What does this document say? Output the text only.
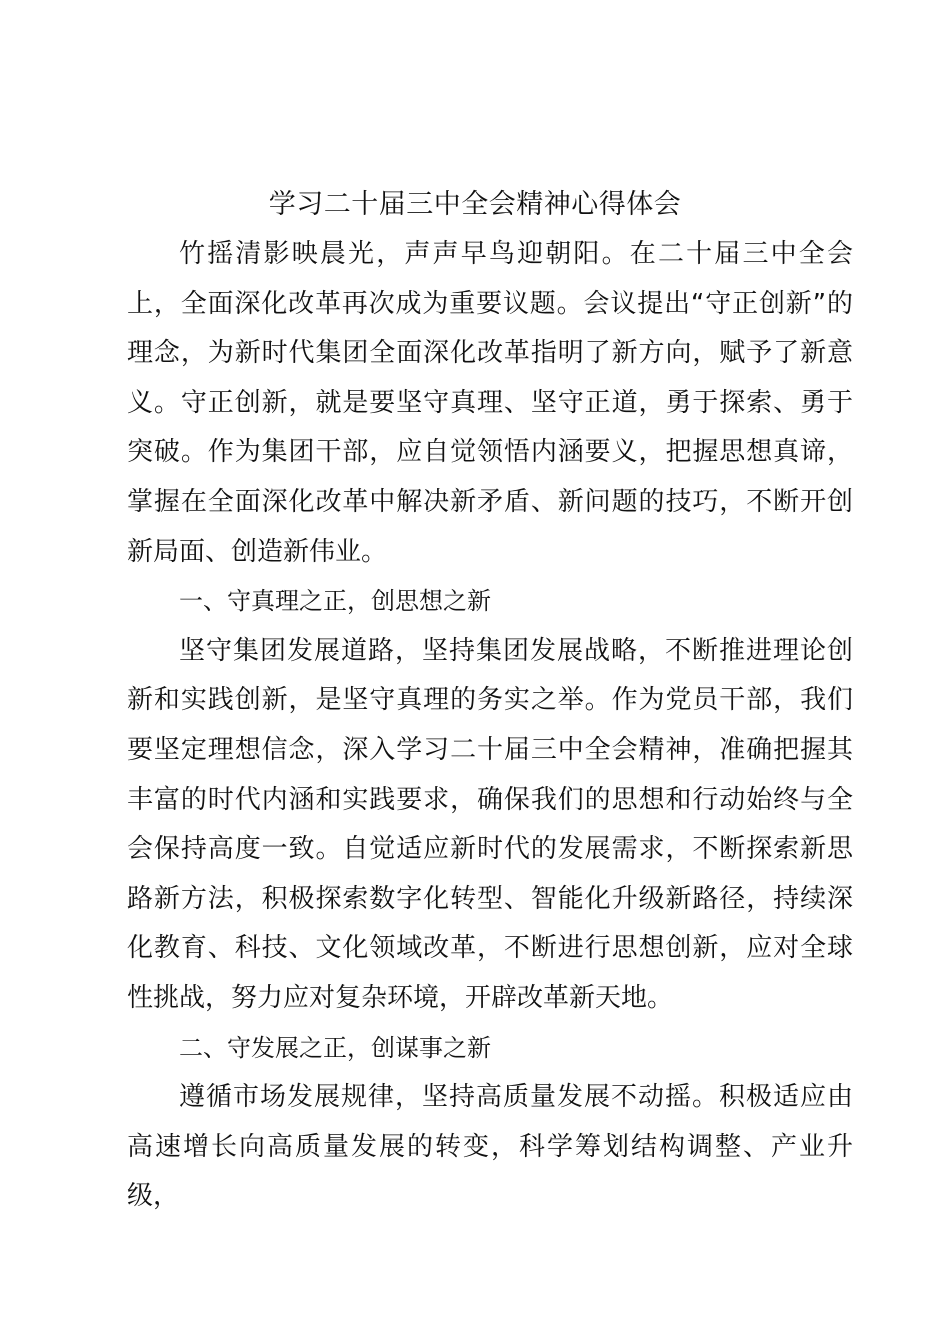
学习二十届三中全会精神心得体会

竹摇清影映晨光，声声早鸟迎朝阳。在二十届三中全会上，全面深化改革再次成为重要议题。会议提出“守正创新”的理念，为新时代集团全面深化改革指明了新方向，赋予了新意义。守正创新，就是要坚守真理、坚守正道，勇于探索、勇于突破。作为集团干部，应自觉领悟内涵要义，把握思想真谛，掌握在全面深化改革中解决新矛盾、新问题的技巧，不断开创新局面、创造新伟业。

一、守真理之正，创思想之新

坚守集团发展道路，坚持集团发展战略，不断推进理论创新和实践创新，是坚守真理的务实之举。作为党员干部，我们要坚定理想信念，深入学习二十届三中全会精神，准确把握其丰富的时代内涵和实践要求，确保我们的思想和行动始终与全会保持高度一致。自觉适应新时代的发展需求，不断探索新思路新方法，积极探索数字化转型、智能化升级新路径，持续深化教育、科技、文化领域改革，不断进行思想创新，应对全球性挑战，努力应对复杂环境，开辟改革新天地。

二、守发展之正，创谋事之新

遵循市场发展规律，坚持高质量发展不动摇。积极适应由高速增长向高质量发展的转变，科学筹划结构调整、产业升级，
